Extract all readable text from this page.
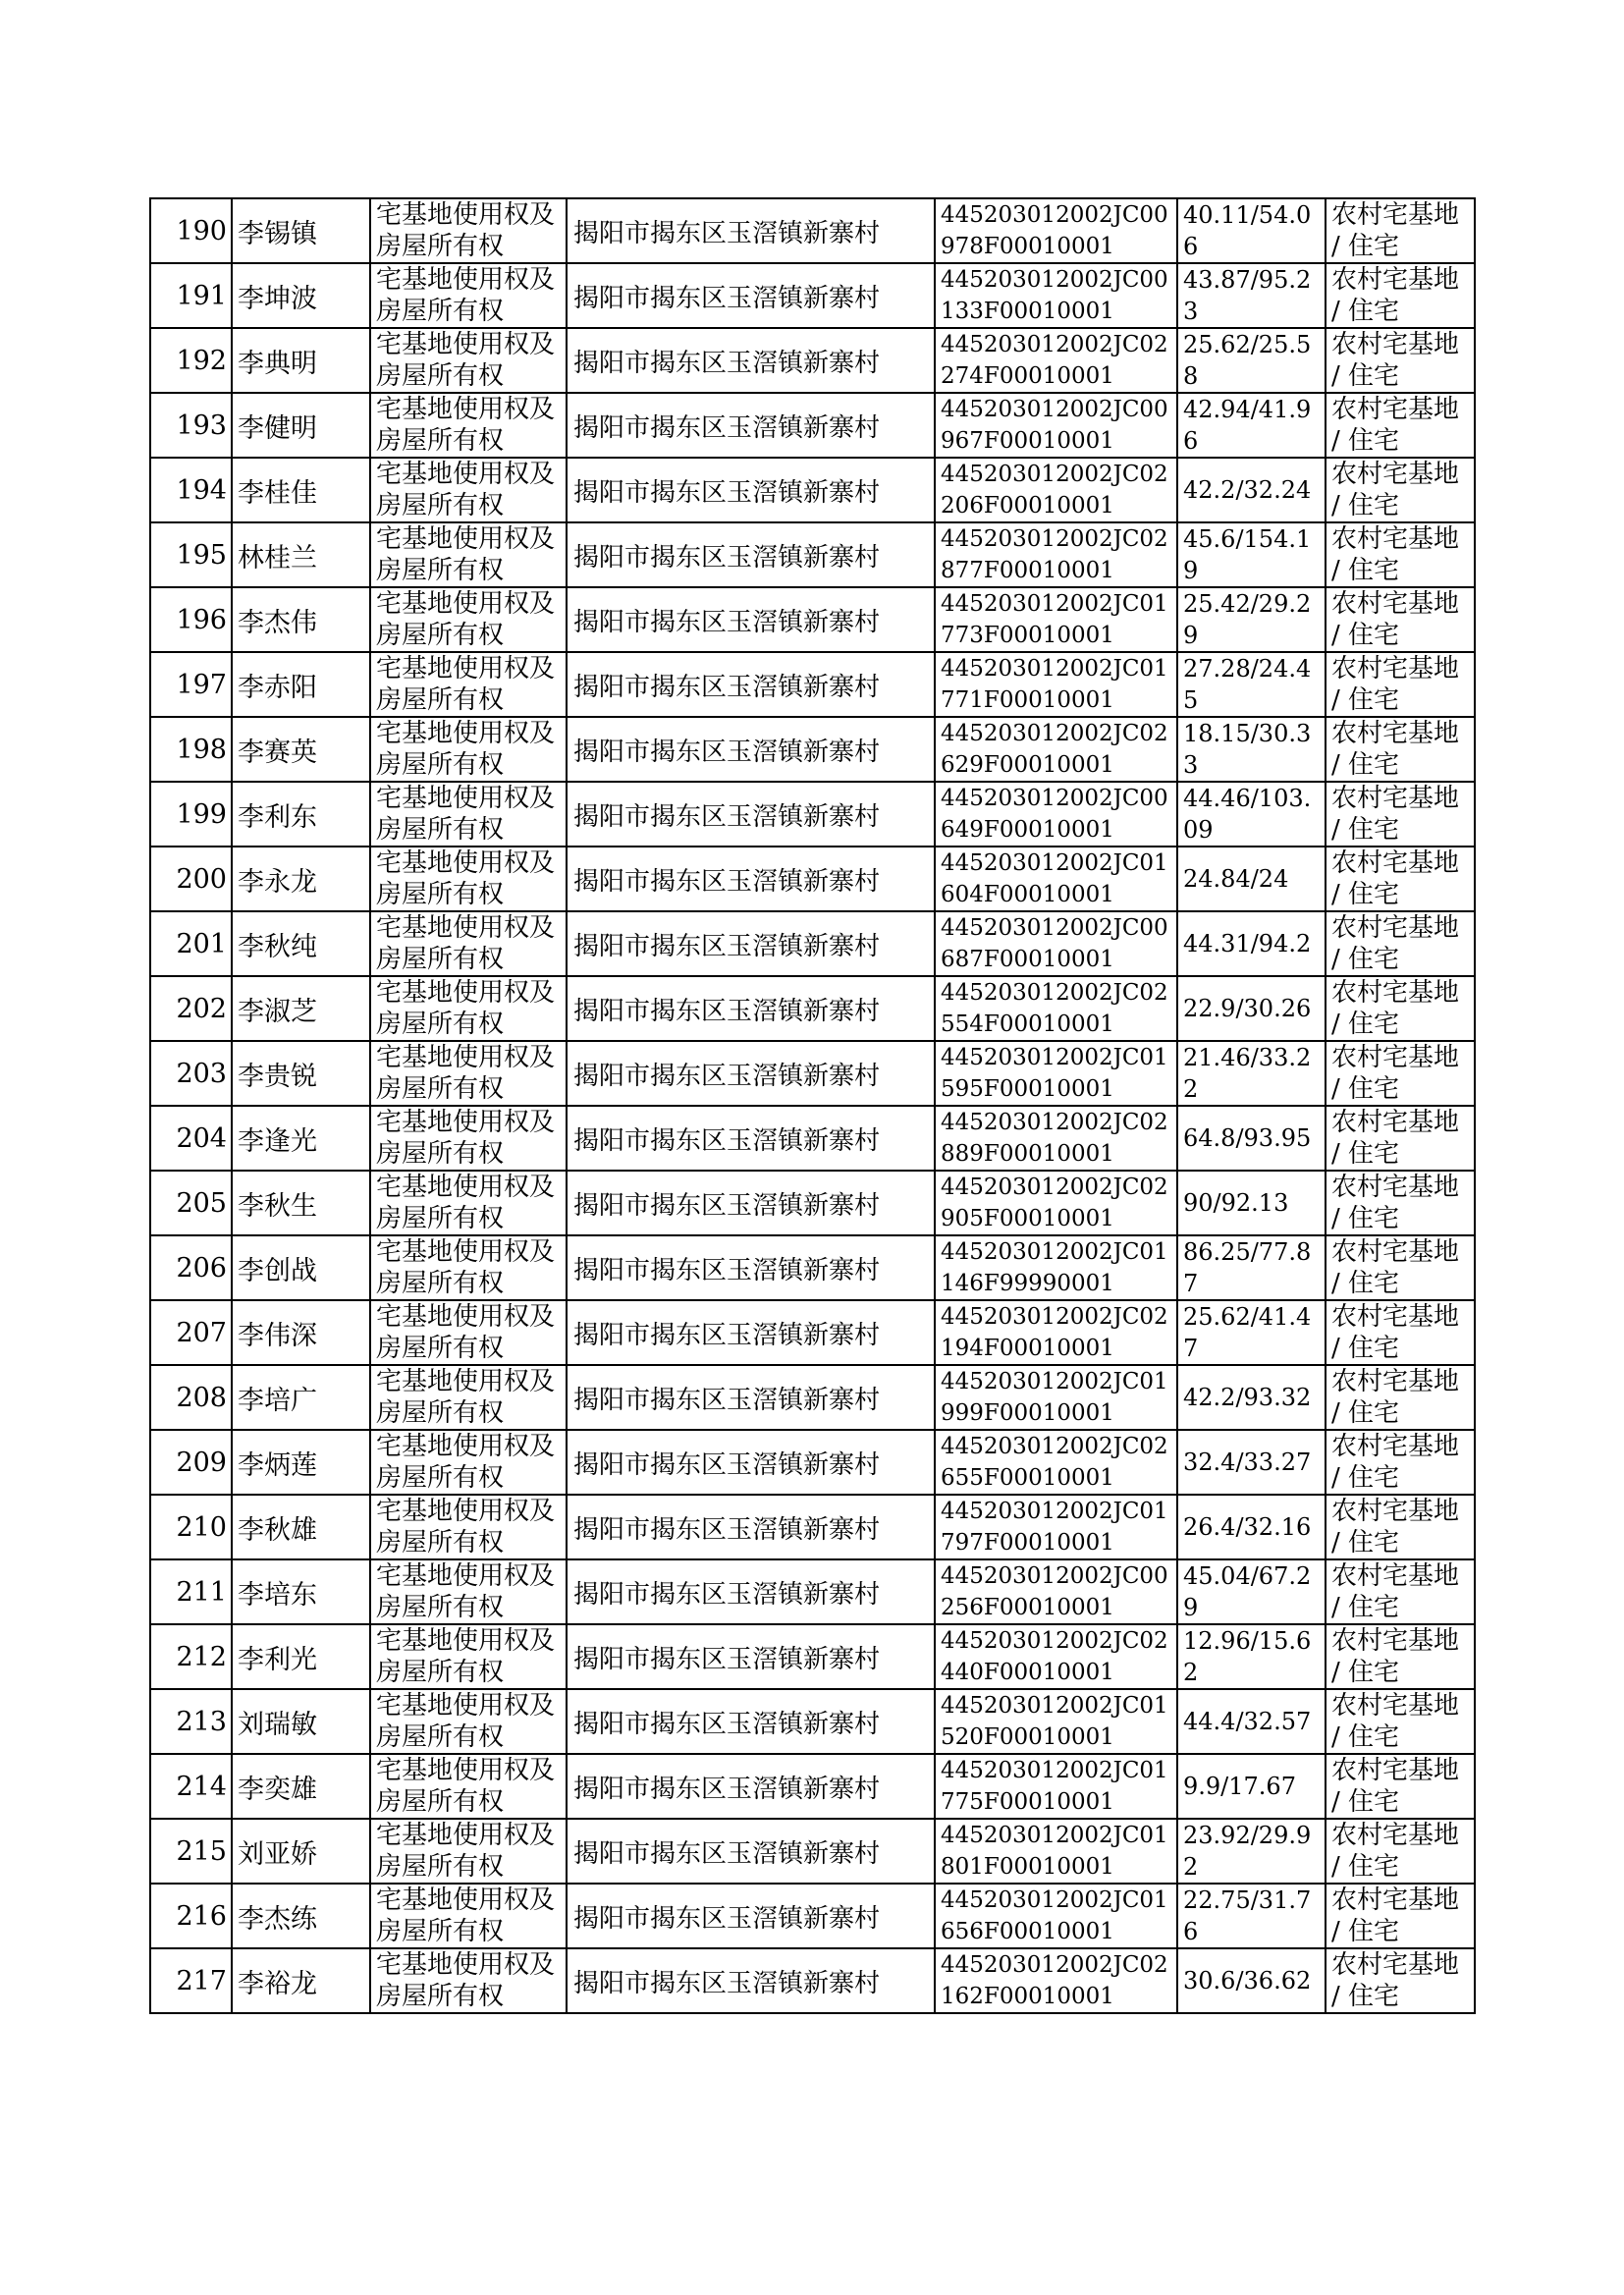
190	李锡镇	宅基地使用权及房屋所有权	揭阳市揭东区玉滘镇新寨村	445203012002JC00978F00010001	40.11/54.06	农村宅基地 / 住宅

191	李坤波	宅基地使用权及房屋所有权	揭阳市揭东区玉滘镇新寨村	445203012002JC00133F00010001	43.87/95.23	农村宅基地 / 住宅

192	李典明	宅基地使用权及房屋所有权	揭阳市揭东区玉滘镇新寨村	445203012002JC02274F00010001	25.62/25.58	农村宅基地 / 住宅

193	李健明	宅基地使用权及房屋所有权	揭阳市揭东区玉滘镇新寨村	445203012002JC00967F00010001	42.94/41.96	农村宅基地 / 住宅

194	李桂佳	宅基地使用权及房屋所有权	揭阳市揭东区玉滘镇新寨村	445203012002JC02206F00010001	42.2/32.24	农村宅基地 / 住宅

195	林桂兰	宅基地使用权及房屋所有权	揭阳市揭东区玉滘镇新寨村	445203012002JC02877F00010001	45.6/154.19	农村宅基地 / 住宅

196	李杰伟	宅基地使用权及房屋所有权	揭阳市揭东区玉滘镇新寨村	445203012002JC01773F00010001	25.42/29.29	农村宅基地 / 住宅

197	李赤阳	宅基地使用权及房屋所有权	揭阳市揭东区玉滘镇新寨村	445203012002JC01771F00010001	27.28/24.45	农村宅基地 / 住宅

198	李赛英	宅基地使用权及房屋所有权	揭阳市揭东区玉滘镇新寨村	445203012002JC02629F00010001	18.15/30.33	农村宅基地 / 住宅

199	李利东	宅基地使用权及房屋所有权	揭阳市揭东区玉滘镇新寨村	445203012002JC00649F00010001	44.46/103.09	农村宅基地 / 住宅

200	李永龙	宅基地使用权及房屋所有权	揭阳市揭东区玉滘镇新寨村	445203012002JC01604F00010001	24.84/24	农村宅基地 / 住宅

201	李秋纯	宅基地使用权及房屋所有权	揭阳市揭东区玉滘镇新寨村	445203012002JC00687F00010001	44.31/94.2	农村宅基地 / 住宅

202	李淑芝	宅基地使用权及房屋所有权	揭阳市揭东区玉滘镇新寨村	445203012002JC02554F00010001	22.9/30.26	农村宅基地 / 住宅

203	李贵锐	宅基地使用权及房屋所有权	揭阳市揭东区玉滘镇新寨村	445203012002JC01595F00010001	21.46/33.22	农村宅基地 / 住宅

204	李逢光	宅基地使用权及房屋所有权	揭阳市揭东区玉滘镇新寨村	445203012002JC02889F00010001	64.8/93.95	农村宅基地 / 住宅

205	李秋生	宅基地使用权及房屋所有权	揭阳市揭东区玉滘镇新寨村	445203012002JC02905F00010001	90/92.13	农村宅基地 / 住宅

206	李创战	宅基地使用权及房屋所有权	揭阳市揭东区玉滘镇新寨村	445203012002JC01146F99990001	86.25/77.87	农村宅基地 / 住宅

207	李伟深	宅基地使用权及房屋所有权	揭阳市揭东区玉滘镇新寨村	445203012002JC02194F00010001	25.62/41.47	农村宅基地 / 住宅

208	李培广	宅基地使用权及房屋所有权	揭阳市揭东区玉滘镇新寨村	445203012002JC01999F00010001	42.2/93.32	农村宅基地 / 住宅

209	李炳莲	宅基地使用权及房屋所有权	揭阳市揭东区玉滘镇新寨村	445203012002JC02655F00010001	32.4/33.27	农村宅基地 / 住宅

210	李秋雄	宅基地使用权及房屋所有权	揭阳市揭东区玉滘镇新寨村	445203012002JC01797F00010001	26.4/32.16	农村宅基地 / 住宅

211	李培东	宅基地使用权及房屋所有权	揭阳市揭东区玉滘镇新寨村	445203012002JC00256F00010001	45.04/67.29	农村宅基地 / 住宅

212	李利光	宅基地使用权及房屋所有权	揭阳市揭东区玉滘镇新寨村	445203012002JC02440F00010001	12.96/15.62	农村宅基地 / 住宅

213	刘瑞敏	宅基地使用权及房屋所有权	揭阳市揭东区玉滘镇新寨村	445203012002JC01520F00010001	44.4/32.57	农村宅基地 / 住宅

214	李奕雄	宅基地使用权及房屋所有权	揭阳市揭东区玉滘镇新寨村	445203012002JC01775F00010001	9.9/17.67	农村宅基地 / 住宅

215	刘亚娇	宅基地使用权及房屋所有权	揭阳市揭东区玉滘镇新寨村	445203012002JC01801F00010001	23.92/29.92	农村宅基地 / 住宅

216	李杰练	宅基地使用权及房屋所有权	揭阳市揭东区玉滘镇新寨村	445203012002JC01656F00010001	22.75/31.76	农村宅基地 / 住宅

217	李裕龙	宅基地使用权及房屋所有权	揭阳市揭东区玉滘镇新寨村	445203012002JC02162F00010001	30.6/36.62	农村宅基地 / 住宅
